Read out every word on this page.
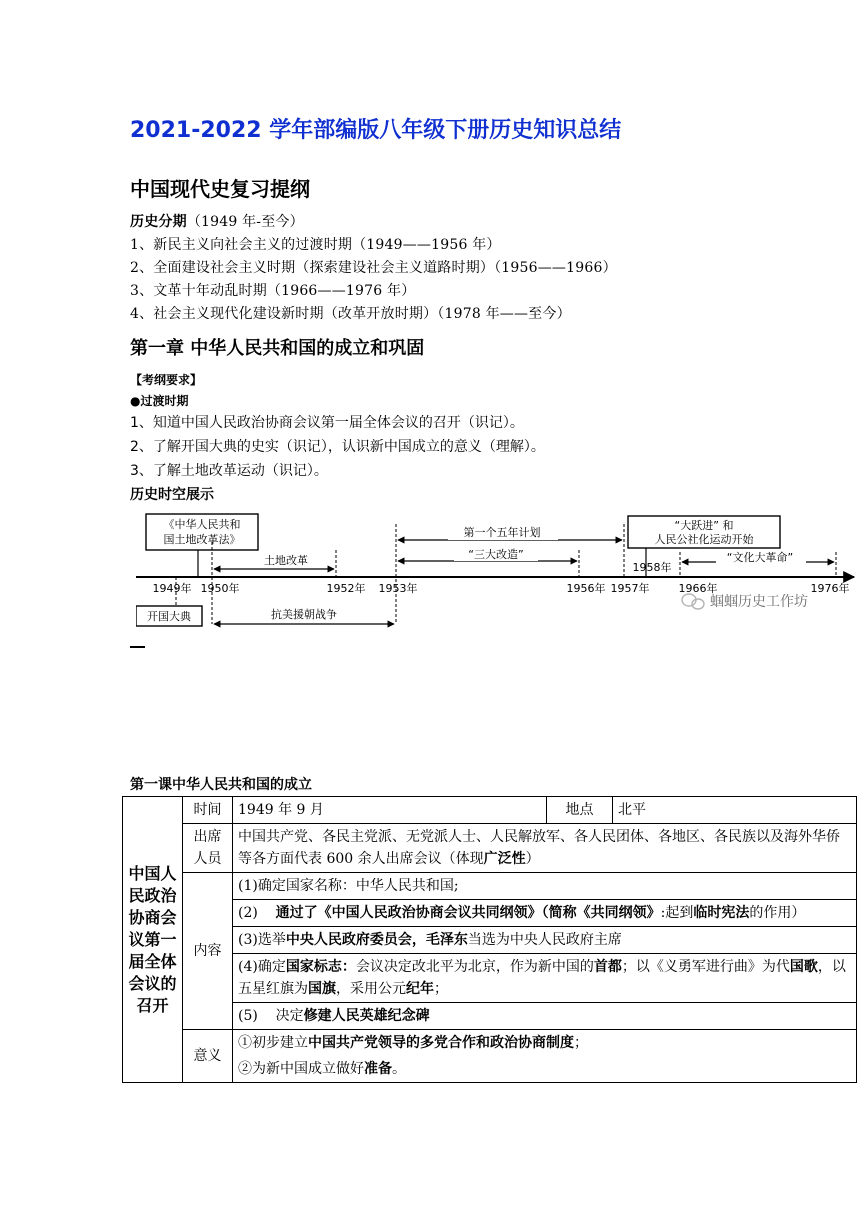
2021-2022 学年部编版八年级下册历史知识总结
中国现代史复习提纲
历史分期（1949 年-至今）
1、新民主义向社会主义的过渡时期（1949——1956 年）
2、全面建设社会主义时期（探索建设社会主义道路时期）（1956——1966）
3、文革十年动乱时期（1966——1976 年）
4、社会主义现代化建设新时期（改革开放时期）（1978 年——至今）
第一章 中华人民共和国的成立和巩固
【考纲要求】
●过渡时期
1、知道中国人民政治协商会议第一届全体会议的召开（识记）。
2、了解开国大典的史实（识记），认识新中国成立的意义（理解）。
3、了解土地改革运动（识记）。
历史时空展示
《中华人民共和
国土地改革法》
土地改革
第一个五年计划
“三大改造”
“大跃进” 和
人民公社化运动开始
“文化大革命”
1949年 1950年	1952年 1953年	1956年 1957年
1958年
1966年	1976年
开国大典	抗美援朝战争
蝈蝈历史工作坊
第一课中华人民共和国的成立
中国人民政治协商会议第一届全体会议的召开	时间	1949 年 9 月	地点	北平
	出席人员	中国共产党、各民主党派、无党派人士、人民解放军、各人民团体、各地区、各民族以及海外华侨等各方面代表 600 余人出席会议（体现广泛性）		
	内容	(1)确定国家名称：中华人民共和国;		
		(2)    通过了《中国人民政治协商会议共同纲领》（简称《共同纲领》:起到临时宪法的作用）		
		(3)选举中央人民政府委员会，毛泽东当选为中央人民政府主席		
		(4)确定国家标志：会议决定改北平为北京，作为新中国的首都；以《义勇军进行曲》为代国歌，以五星红旗为国旗，采用公元纪年；		
		(5)    决定修建人民英雄纪念碑		
	意义	①初步建立中国共产党领导的多党合作和政治协商制度；		
		②为新中国成立做好准备。		
